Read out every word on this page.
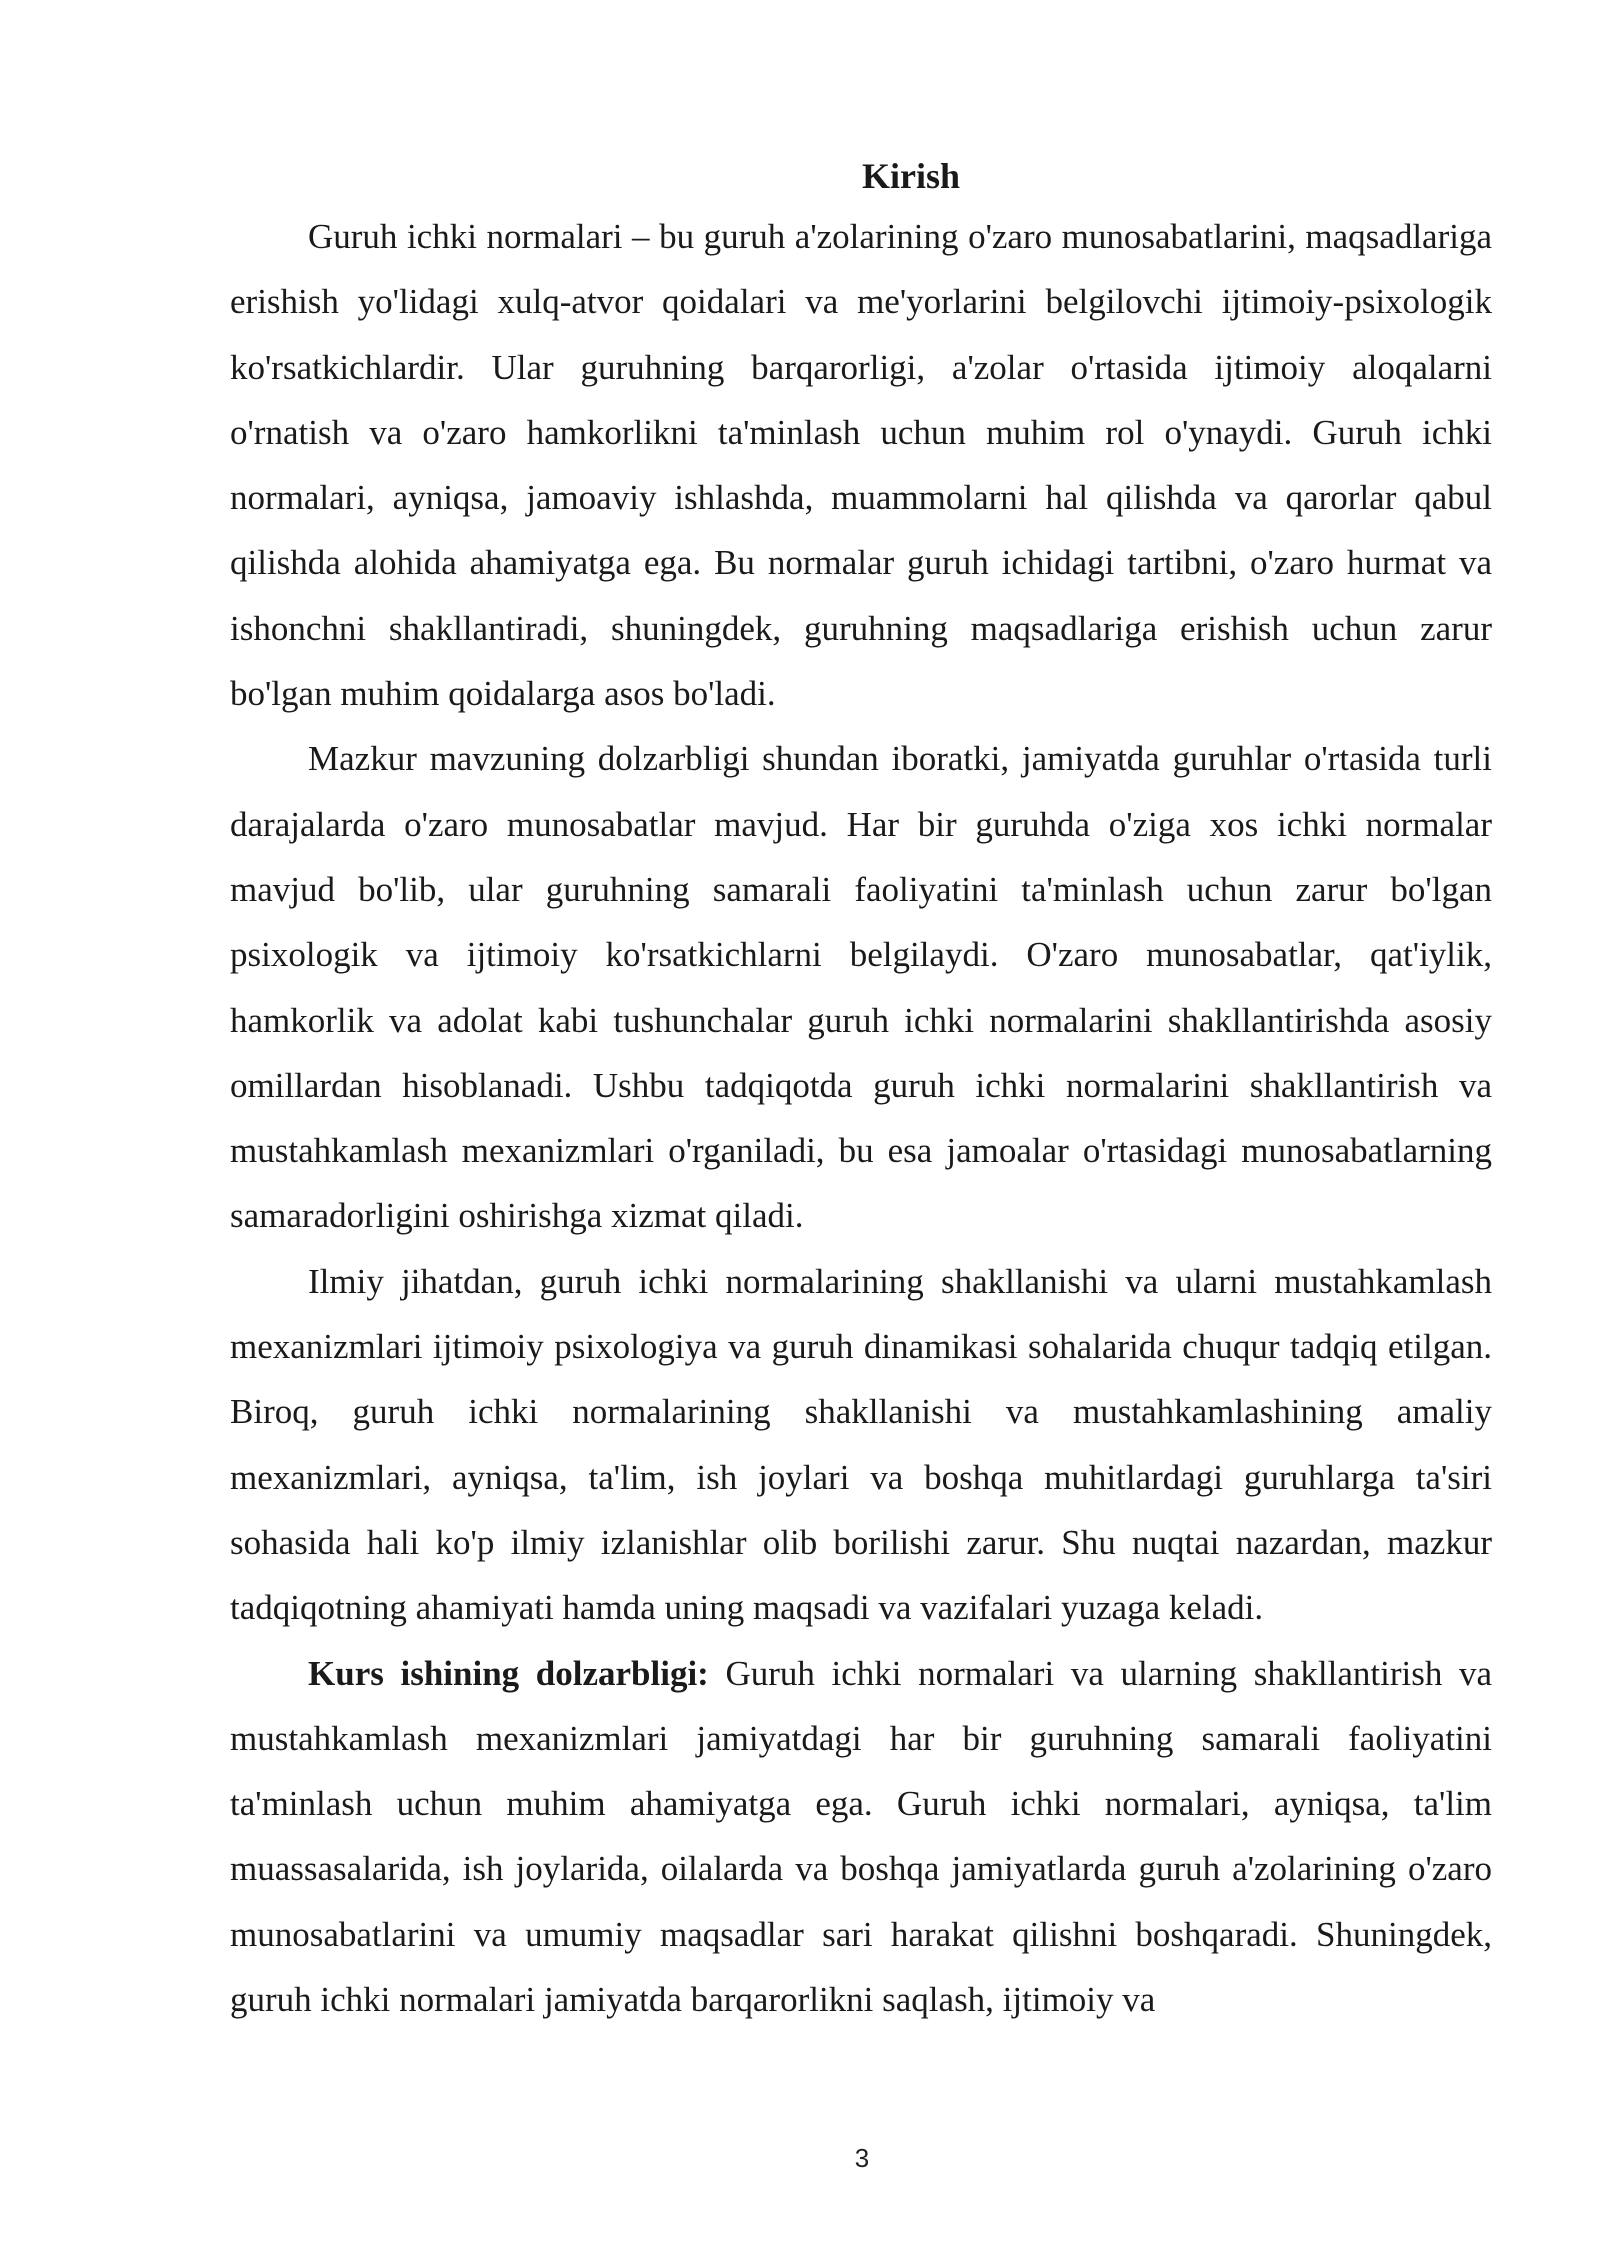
Kirish

Guruh ichki normalari – bu guruh a'zolarining o'zaro munosabatlarini, maqsadlariga erishish yo'lidagi xulq-atvor qoidalari va me'yorlarini belgilovchi ijtimoiy-psixologik ko'rsatkichlardir. Ular guruhning barqarorligi, a'zolar o'rtasida ijtimoiy aloqalarni o'rnatish va o'zaro hamkorlikni ta'minlash uchun muhim rol o'ynaydi. Guruh ichki normalari, ayniqsa, jamoaviy ishlashda, muammolarni hal qilishda va qarorlar qabul qilishda alohida ahamiyatga ega. Bu normalar guruh ichidagi tartibni, o'zaro hurmat va ishonchni shakllantiradi, shuningdek, guruhning maqsadlariga erishish uchun zarur bo'lgan muhim qoidalarga asos bo'ladi.

Mazkur mavzuning dolzarbligi shundan iboratki, jamiyatda guruhlar o'rtasida turli darajalarda o'zaro munosabatlar mavjud. Har bir guruhda o'ziga xos ichki normalar mavjud bo'lib, ular guruhning samarali faoliyatini ta'minlash uchun zarur bo'lgan psixologik va ijtimoiy ko'rsatkichlarni belgilaydi. O'zaro munosabatlar, qat'iylik, hamkorlik va adolat kabi tushunchalar guruh ichki normalarini shakllantirishda asosiy omillardan hisoblanadi. Ushbu tadqiqotda guruh ichki normalarini shakllantirish va mustahkamlash mexanizmlari o'rganiladi, bu esa jamoalar o'rtasidagi munosabatlarning samaradorligini oshirishga xizmat qiladi.

Ilmiy jihatdan, guruh ichki normalarining shakllanishi va ularni mustahkamlash mexanizmlari ijtimoiy psixologiya va guruh dinamikasi sohalarida chuqur tadqiq etilgan. Biroq, guruh ichki normalarining shakllanishi va mustahkamlashining amaliy mexanizmlari, ayniqsa, ta'lim, ish joylari va boshqa muhitlardagi guruhlarga ta'siri sohasida hali ko'p ilmiy izlanishlar olib borilishi zarur. Shu nuqtai nazardan, mazkur tadqiqotning ahamiyati hamda uning maqsadi va vazifalari yuzaga keladi.

Kurs ishining dolzarbligi: Guruh ichki normalari va ularning shakllantirish va mustahkamlash mexanizmlari jamiyatdagi har bir guruhning samarali faoliyatini ta'minlash uchun muhim ahamiyatga ega. Guruh ichki normalari, ayniqsa, ta'lim muassasalarida, ish joylarida, oilalarda va boshqa jamiyatlarda guruh a'zolarining o'zaro munosabatlarini va umumiy maqsadlar sari harakat qilishni boshqaradi. Shuningdek, guruh ichki normalari jamiyatda barqarorlikni saqlash, ijtimoiy va

3
